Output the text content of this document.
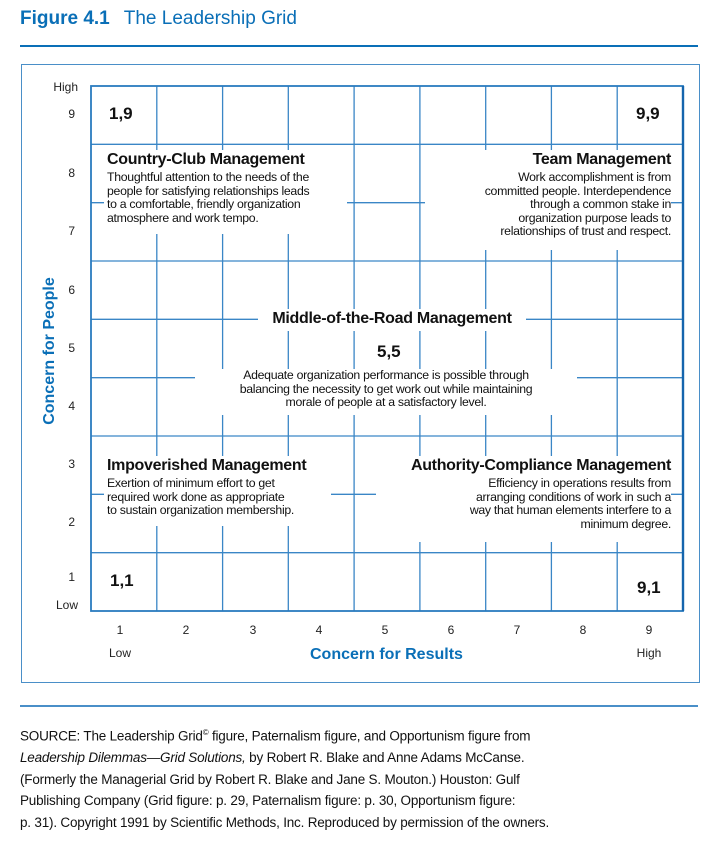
Figure 4.1 The Leadership Grid
High
9
8
7
6
5
4
3
2
1
Low
Concern for People
1	2	3	4	5	6	7	8	9
Low	High
Concern for Results
1,9	9,9
1,1	9,1
Country-Club Management

Thoughtful attention to the needs of the
people for satisfying relationships leads
to a comfortable, friendly organization
atmosphere and work tempo.

Team Management

Work accomplishment is from
committed people. Interdependence
through a common stake in
organization purpose leads to
relationships of trust and respect.

Middle-of-the-Road Management
5,5

Adequate organization performance is possible through
balancing the necessity to get work out while maintaining
morale of people at a satisfactory level.

Impoverished Management

Exertion of minimum effort to get
required work done as appropriate
to sustain organization membership.

Authority-Compliance Management

Efficiency in operations results from
arranging conditions of work in such a
way that human elements interfere to a
minimum degree.

SOURCE: The Leadership Grid© figure, Paternalism figure, and Opportunism figure from
Leadership Dilemmas—Grid Solutions, by Robert R. Blake and Anne Adams McCanse.
(Formerly the Managerial Grid by Robert R. Blake and Jane S. Mouton.) Houston: Gulf
Publishing Company (Grid figure: p. 29, Paternalism figure: p. 30, Opportunism figure:
p. 31). Copyright 1991 by Scientific Methods, Inc. Reproduced by permission of the owners.
